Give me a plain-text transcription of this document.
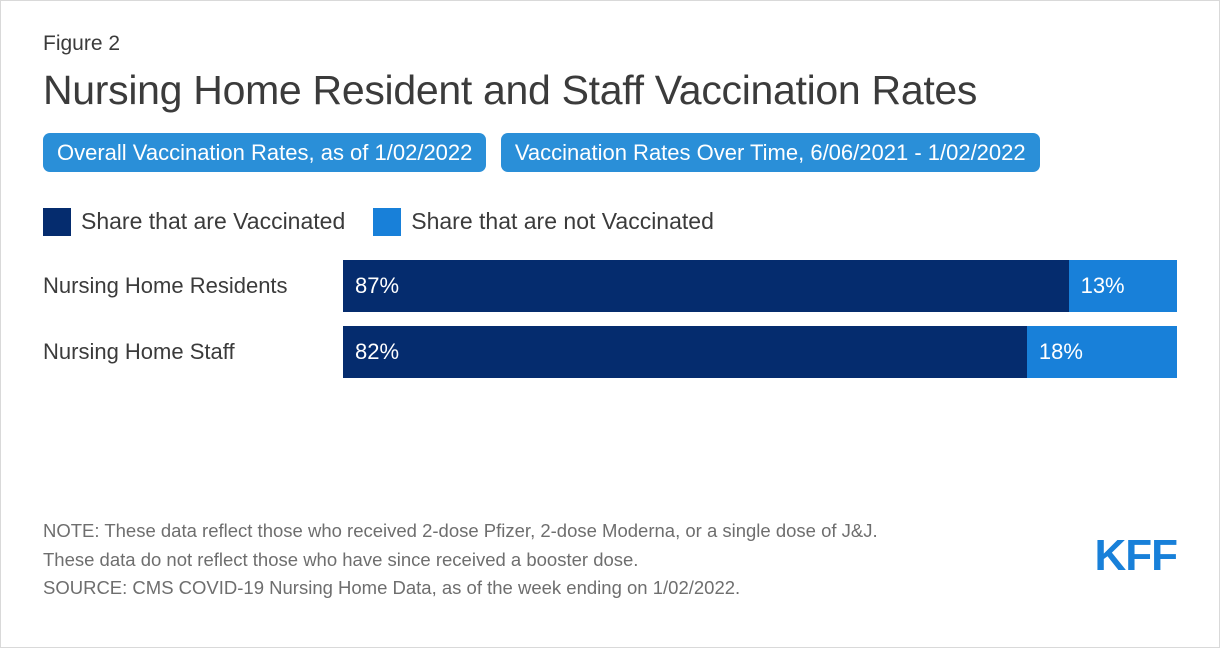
Figure 2
Nursing Home Resident and Staff Vaccination Rates
Overall Vaccination Rates, as of 1/02/2022 Vaccination Rates Over Time, 6/06/2021 - 1/02/2022
Share that are Vaccinated	Share that are not Vaccinated
Nursing Home Residents	87%	13%
Nursing Home Staff	82%	18%
NOTE: These data reflect those who received 2-dose Pfizer, 2-dose Moderna, or a single dose of J&J.
These data do not reflect those who have since received a booster dose.
SOURCE: CMS COVID-19 Nursing Home Data, as of the week ending on 1/02/2022.
KFF
